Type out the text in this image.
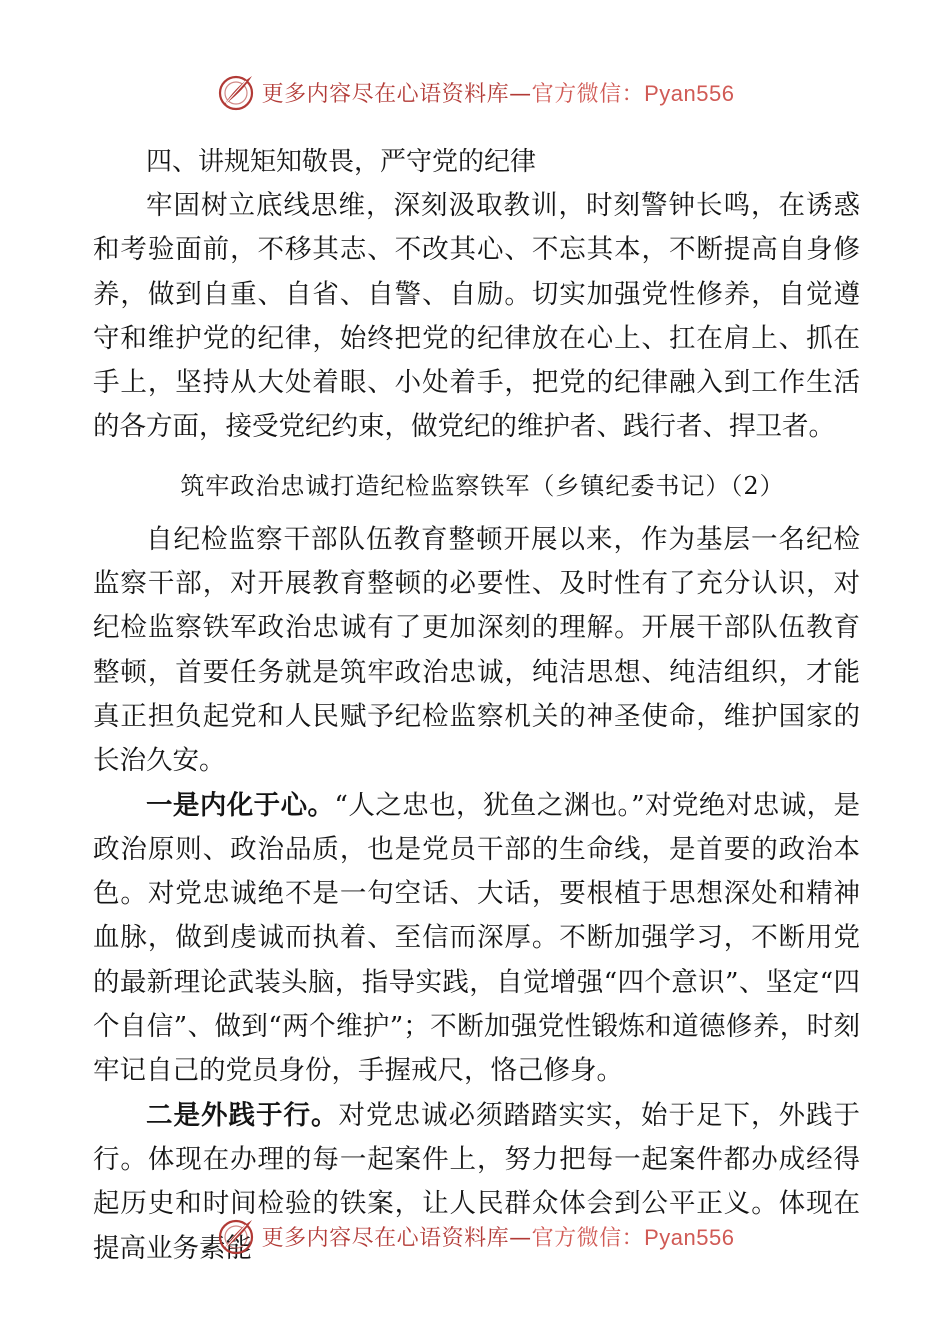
更多内容尽在心语资料库—官方微信：Pyan556

四、讲规矩知敬畏，严守党的纪律

牢固树立底线思维，深刻汲取教训，时刻警钟长鸣，在诱惑和考验面前，不移其志、不改其心、不忘其本，不断提高自身修养，做到自重、自省、自警、自励。切实加强党性修养，自觉遵守和维护党的纪律，始终把党的纪律放在心上、扛在肩上、抓在手上，坚持从大处着眼、小处着手，把党的纪律融入到工作生活的各方面，接受党纪约束，做党纪的维护者、践行者、捍卫者。

筑牢政治忠诚打造纪检监察铁军（乡镇纪委书记）（2）

自纪检监察干部队伍教育整顿开展以来，作为基层一名纪检监察干部，对开展教育整顿的必要性、及时性有了充分认识，对纪检监察铁军政治忠诚有了更加深刻的理解。开展干部队伍教育整顿，首要任务就是筑牢政治忠诚，纯洁思想、纯洁组织，才能真正担负起党和人民赋予纪检监察机关的神圣使命，维护国家的长治久安。

一是内化于心。“人之忠也，犹鱼之渊也。”对党绝对忠诚，是政治原则、政治品质，也是党员干部的生命线，是首要的政治本色。对党忠诚绝不是一句空话、大话，要根植于思想深处和精神血脉，做到虔诚而执着、至信而深厚。不断加强学习，不断用党的最新理论武装头脑，指导实践，自觉增强“四个意识”、坚定“四个自信”、做到“两个维护”；不断加强党性锻炼和道德修养，时刻牢记自己的党员身份，手握戒尺，恪己修身。

二是外践于行。对党忠诚必须踏踏实实，始于足下，外践于行。体现在办理的每一起案件上，努力把每一起案件都办成经得起历史和时间检验的铁案，让人民群众体会到公平正义。体现在提高业务素能 更多内容尽在心语资料库—官方微信：Pyan556
